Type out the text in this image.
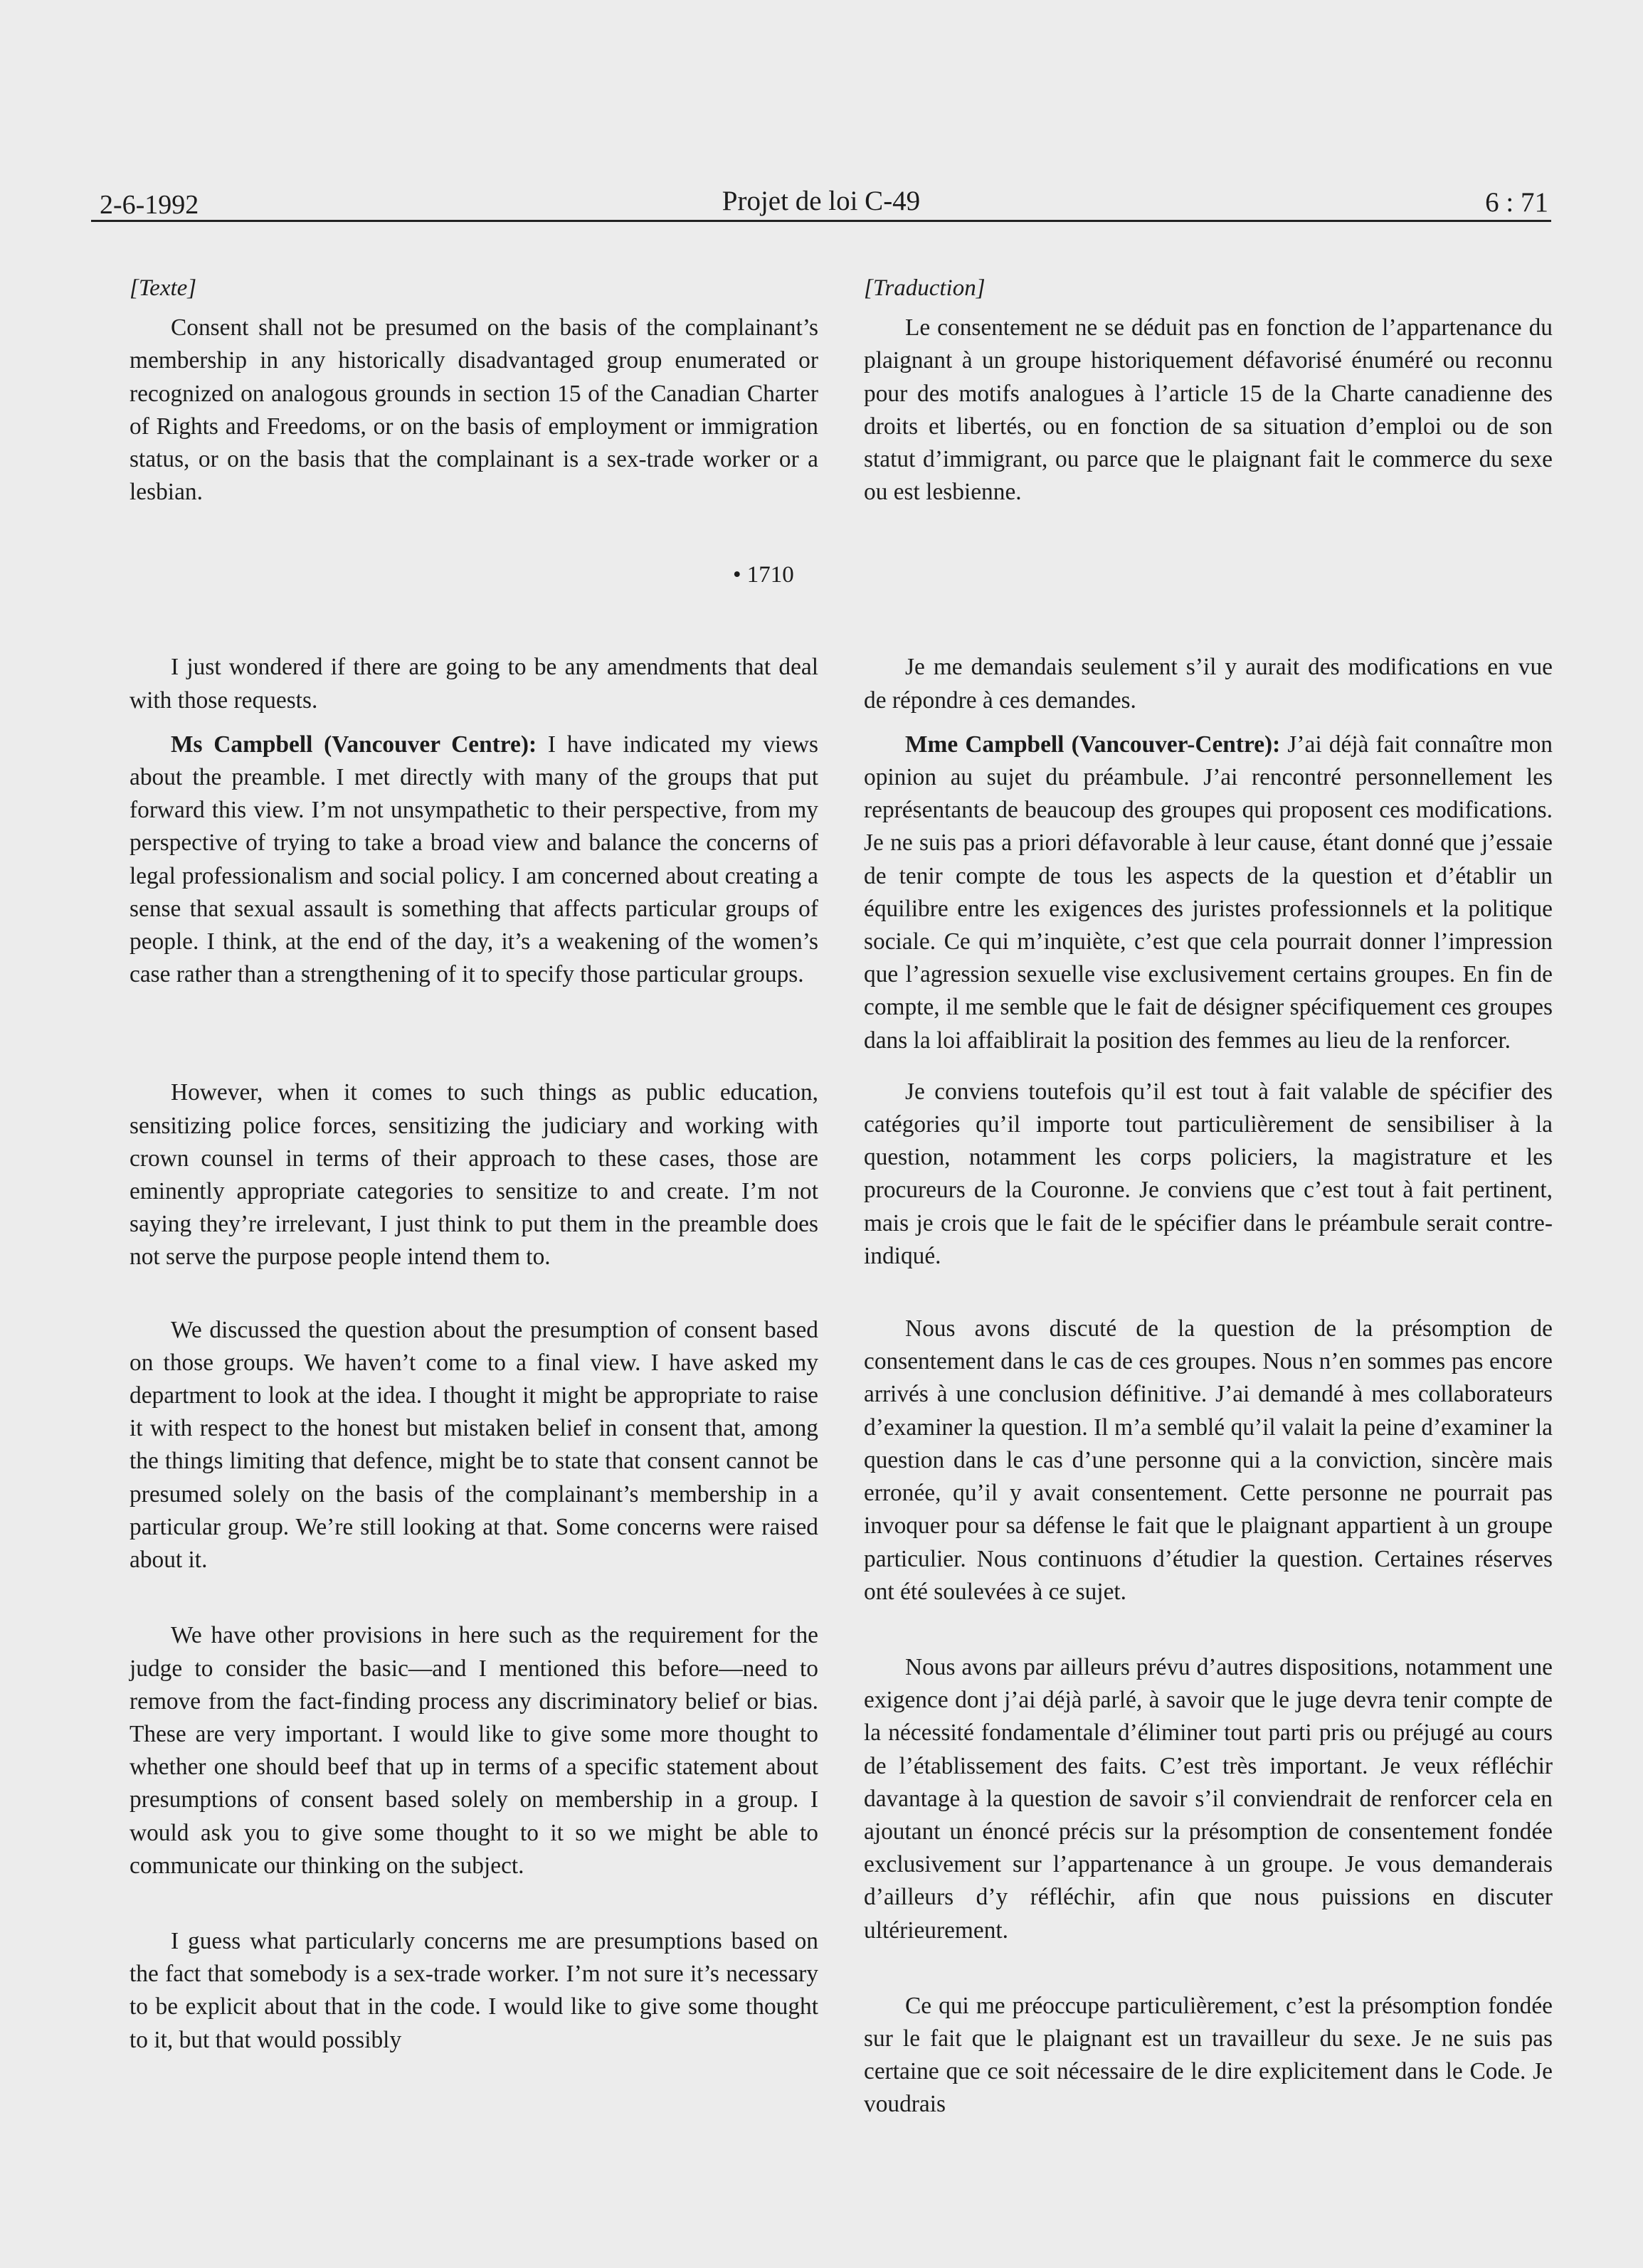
2-6-1992	Projet de loi C-49	6 : 71
• 1710
[Texte]

Consent shall not be presumed on the basis of the complainant’s membership in any historically disadvantaged group enumerated or recognized on analogous grounds in section 15 of the Canadian Charter of Rights and Freedoms, or on the basis of employment or immigration status, or on the basis that the complainant is a sex-trade worker or a lesbian.

I just wondered if there are going to be any amendments that deal with those requests.

Ms Campbell (Vancouver Centre): I have indicated my views about the preamble. I met directly with many of the groups that put forward this view. I’m not unsympathetic to their perspective, from my perspective of trying to take a broad view and balance the concerns of legal professionalism and social policy. I am concerned about creating a sense that sexual assault is something that affects particular groups of people. I think, at the end of the day, it’s a weakening of the women’s case rather than a strengthening of it to specify those particular groups.

However, when it comes to such things as public education, sensitizing police forces, sensitizing the judiciary and working with crown counsel in terms of their approach to these cases, those are eminently appropriate categories to sensitize to and create. I’m not saying they’re irrelevant, I just think to put them in the preamble does not serve the purpose people intend them to.

We discussed the question about the presumption of consent based on those groups. We haven’t come to a final view. I have asked my department to look at the idea. I thought it might be appropriate to raise it with respect to the honest but mistaken belief in consent that, among the things limiting that defence, might be to state that consent cannot be presumed solely on the basis of the complainant’s membership in a particular group. We’re still looking at that. Some concerns were raised about it.

We have other provisions in here such as the requirement for the judge to consider the basic—and I mentioned this before—need to remove from the fact-finding process any discriminatory belief or bias. These are very important. I would like to give some more thought to whether one should beef that up in terms of a specific statement about presumptions of consent based solely on membership in a group. I would ask you to give some thought to it so we might be able to communicate our thinking on the subject.

I guess what particularly concerns me are presumptions based on the fact that somebody is a sex-trade worker. I’m not sure it’s necessary to be explicit about that in the code. I would like to give some thought to it, but that would possibly

[Traduction]

Le consentement ne se déduit pas en fonction de l’appartenance du plaignant à un groupe historiquement défavorisé énuméré ou reconnu pour des motifs analogues à l’article 15 de la Charte canadienne des droits et libertés, ou en fonction de sa situation d’emploi ou de son statut d’immigrant, ou parce que le plaignant fait le commerce du sexe ou est lesbienne.

Je me demandais seulement s’il y aurait des modifications en vue de répondre à ces demandes.

Mme Campbell (Vancouver-Centre): J’ai déjà fait connaître mon opinion au sujet du préambule. J’ai rencontré personnellement les représentants de beaucoup des groupes qui proposent ces modifications. Je ne suis pas a priori défavorable à leur cause, étant donné que j’essaie de tenir compte de tous les aspects de la question et d’établir un équilibre entre les exigences des juristes professionnels et la politique sociale. Ce qui m’inquiète, c’est que cela pourrait donner l’impression que l’agression sexuelle vise exclusivement certains groupes. En fin de compte, il me semble que le fait de désigner spécifiquement ces groupes dans la loi affaiblirait la position des femmes au lieu de la renforcer.

Je conviens toutefois qu’il est tout à fait valable de spécifier des catégories qu’il importe tout particulièrement de sensibiliser à la question, notamment les corps policiers, la magistrature et les procureurs de la Couronne. Je conviens que c’est tout à fait pertinent, mais je crois que le fait de le spécifier dans le préambule serait contre-indiqué.

Nous avons discuté de la question de la présomption de consentement dans le cas de ces groupes. Nous n’en sommes pas encore arrivés à une conclusion définitive. J’ai demandé à mes collaborateurs d’examiner la question. Il m’a semblé qu’il valait la peine d’examiner la question dans le cas d’une personne qui a la conviction, sincère mais erronée, qu’il y avait consentement. Cette personne ne pourrait pas invoquer pour sa défense le fait que le plaignant appartient à un groupe particulier. Nous continuons d’étudier la question. Certaines réserves ont été soulevées à ce sujet.

Nous avons par ailleurs prévu d’autres dispositions, notamment une exigence dont j’ai déjà parlé, à savoir que le juge devra tenir compte de la nécessité fondamentale d’éliminer tout parti pris ou préjugé au cours de l’établissement des faits. C’est très important. Je veux réfléchir davantage à la question de savoir s’il conviendrait de renforcer cela en ajoutant un énoncé précis sur la présomption de consentement fondée exclusivement sur l’appartenance à un groupe. Je vous demanderais d’ailleurs d’y réfléchir, afin que nous puissions en discuter ultérieurement.

Ce qui me préoccupe particulièrement, c’est la présomption fondée sur le fait que le plaignant est un travailleur du sexe. Je ne suis pas certaine que ce soit nécessaire de le dire explicitement dans le Code. Je voudrais
